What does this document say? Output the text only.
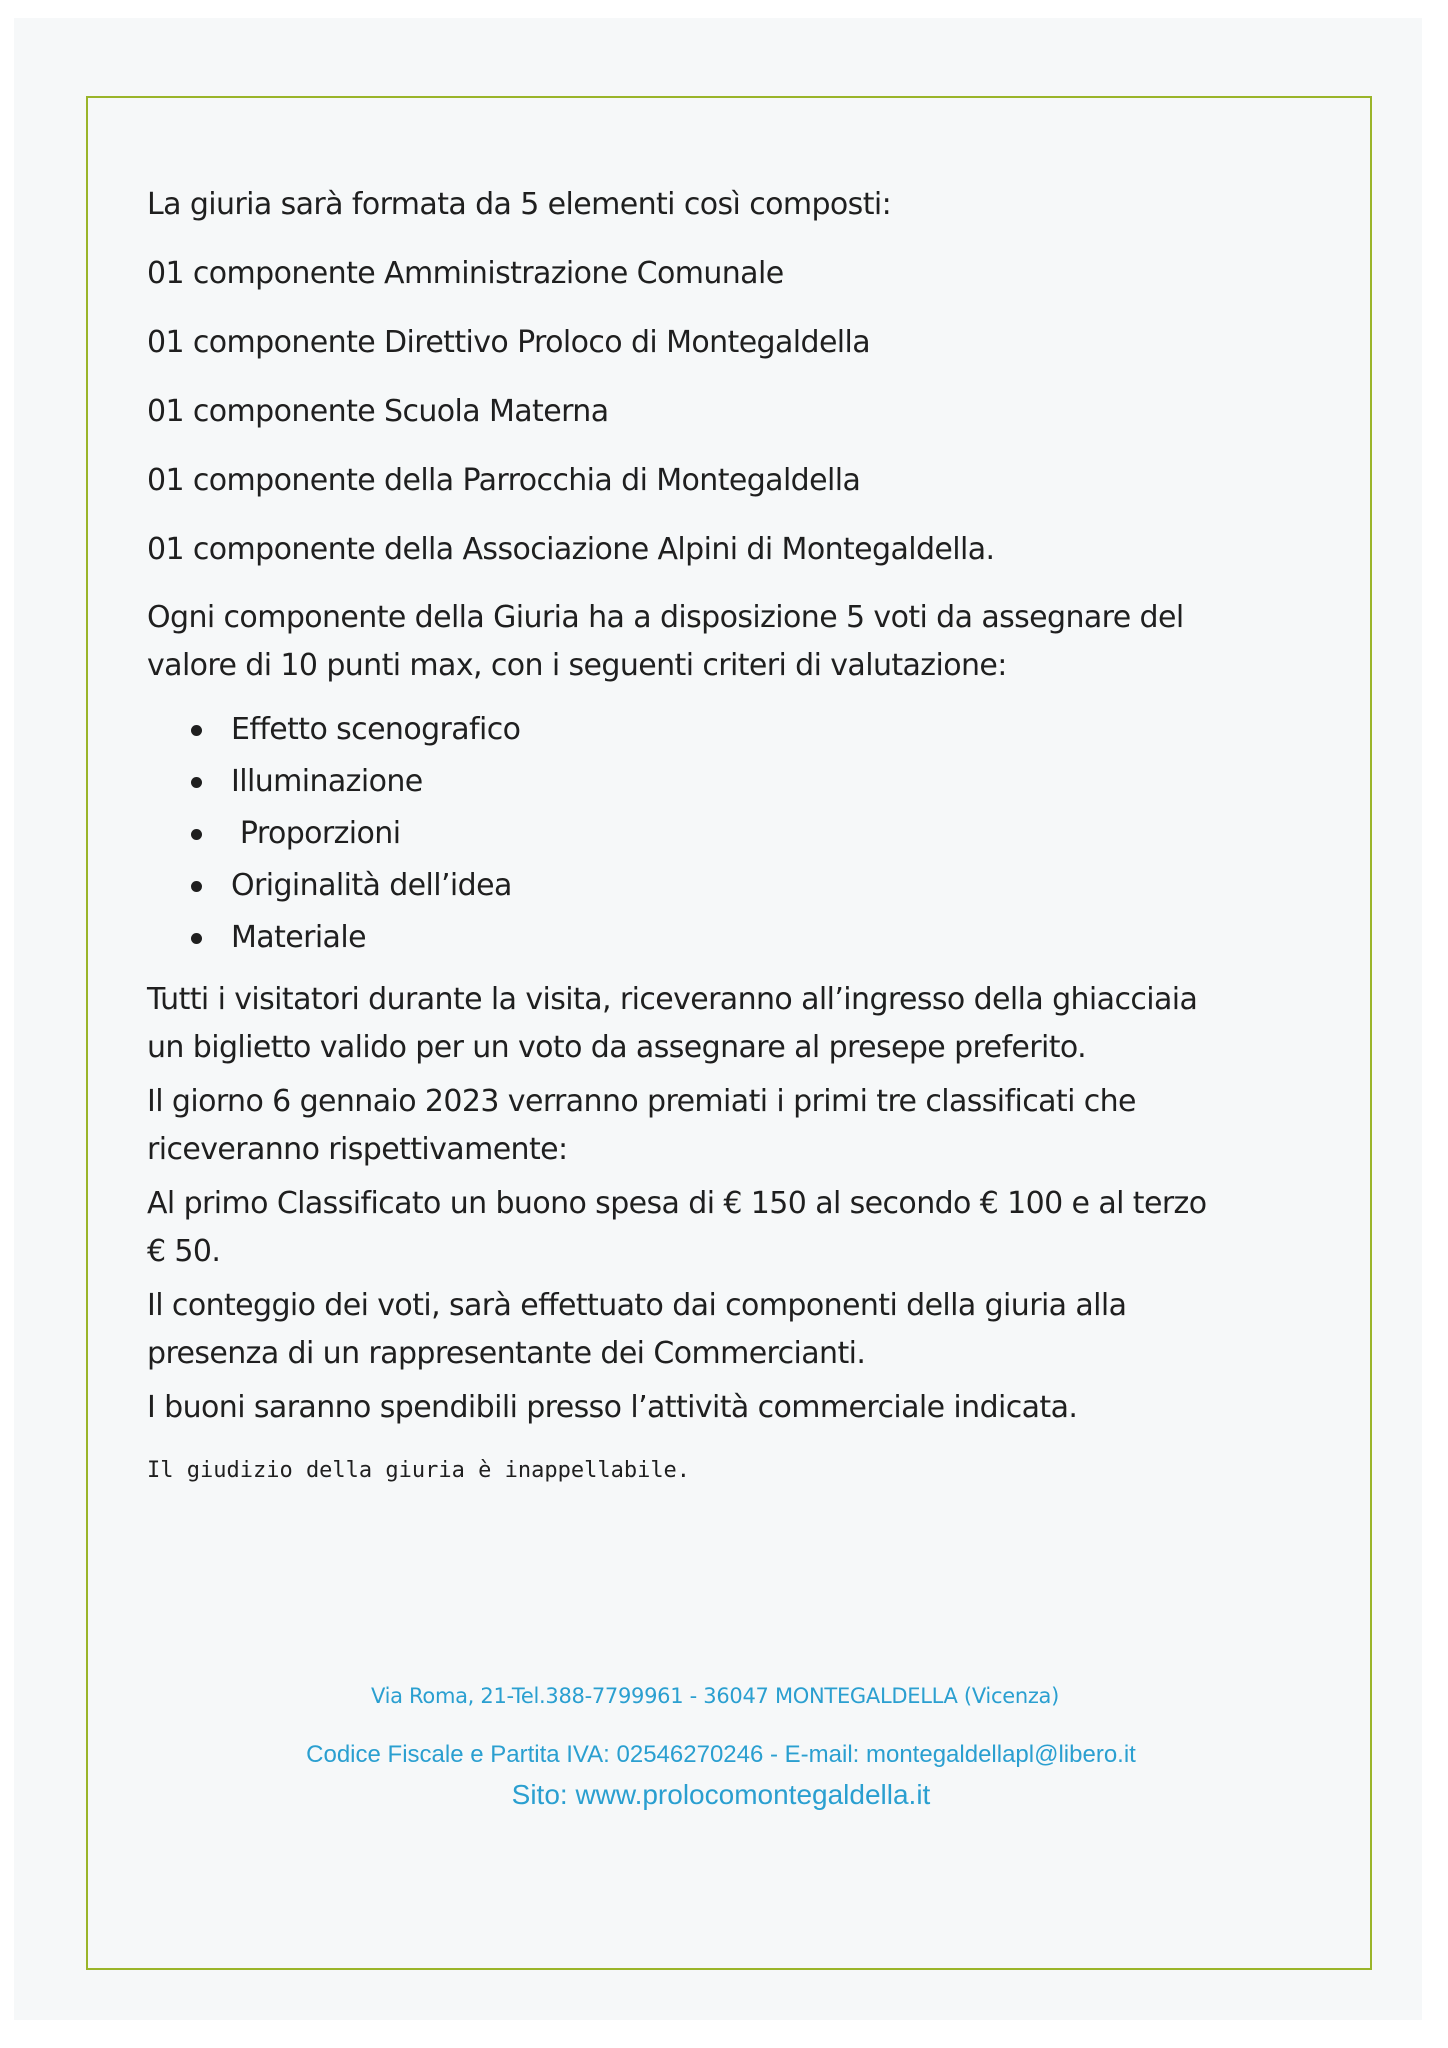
La giuria sarà formata da 5 elementi così composti:
01 componente Amministrazione Comunale
01 componente Direttivo Proloco di Montegaldella
01 componente Scuola Materna
01 componente della Parrocchia di Montegaldella
01 componente della Associazione Alpini di Montegaldella.
Ogni componente della Giuria ha a disposizione 5 voti da assegnare del
valore di 10 punti max, con i seguenti criteri di valutazione:
Effetto scenografico
Illuminazione
Proporzioni
Originalità dell’idea
Materiale
Tutti i visitatori durante la visita, riceveranno all’ingresso della ghiacciaia
un biglietto valido per un voto da assegnare al presepe preferito.
Il giorno 6 gennaio 2023 verranno premiati i primi tre classificati che
riceveranno rispettivamente:
Al primo Classificato un buono spesa di € 150 al secondo € 100 e al terzo
€ 50.
Il conteggio dei voti, sarà effettuato dai componenti della giuria alla
presenza di un rappresentante dei Commercianti.
I buoni saranno spendibili presso l’attività commerciale indicata.
Il giudizio della giuria è inappellabile.
Via Roma, 21-Tel.388-7799961 - 36047 MONTEGALDELLA (Vicenza)
Codice Fiscale e Partita IVA: 02546270246 - E-mail: montegaldellapl@libero.it
Sito: www.prolocomontegaldella.it
